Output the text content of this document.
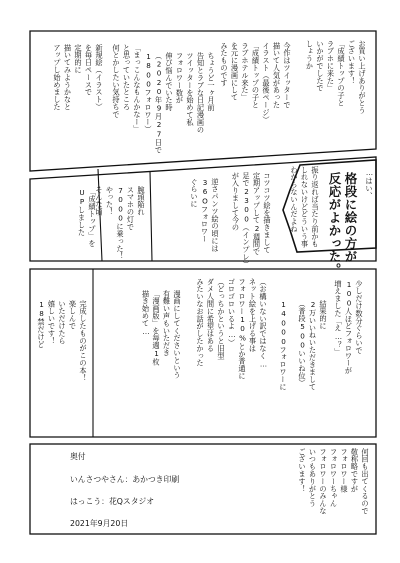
お買い上げありがとう
ございます！
「成績トップの子と
ラブホに来た」
いかがでしたで
しょうか
今作はツイッターで
描いて人気があった
イラスト（最後ページ）
「成績トップの子と
ラブホテル来た」
を元に漫画にして
みたものです
ちょうど一ヶ月前
告知とラブな日記漫画の
ツイッターを始めて私
フォロワー数が
伸び悩んでいた時
（2020年9月27日で
1800フォロワー）
「まっこんなもんかなー」
と思っていたところ
何とかしたい気持ちで
新規絵（イラスト）
を毎日ペースで
定期的に
描いてみようかなと
アップし始めました
…はい、
格段に絵の方が
反応がよかった。
振り返れば当たり前かも
しれないけどどういう事
わからないんだよね
コツコツ絵を描きまして
定期アップして2週間で
足で2300（インプレ）
が入りまして今の
逆さパンツ絵の頃には
36Oフォロワー
ぐらいに
腕頭陥れ
スマホの灯で
7000に乗った！
やった！
そんな頃
「成績トップ」を
UPしました
少しだけ数分ぐらいで
100人ほどフォロワーが
増えました「え…？」
結果的に
2万いいねいただきまして
（普段500いいね位）
14000フォロワーに
（お構いない訳ではなく…
ネット絵を上げる事は
フォロワー10%とか普通に
ゴロゴロいるよ…）
（どっちかというと旧型
ダメ人間に希望はある
みたいなお話がしたかった
漫画にしてくださいという
有難い声もいただき
「漫画版」を毎週1枚
描き始めて…
完成したものがこの本！
楽しんで
いただけたら
嬉しいです！
18禁だけど
何回も出てくるので
敬称略ですが
フォロワー様
フォロワーちゃん
フォロワーのみんな
いつもありがとう
ございます！
奥付
いんさつやさん：あかつき印刷
はっこう：花Qスタジオ
2021年9月20日
